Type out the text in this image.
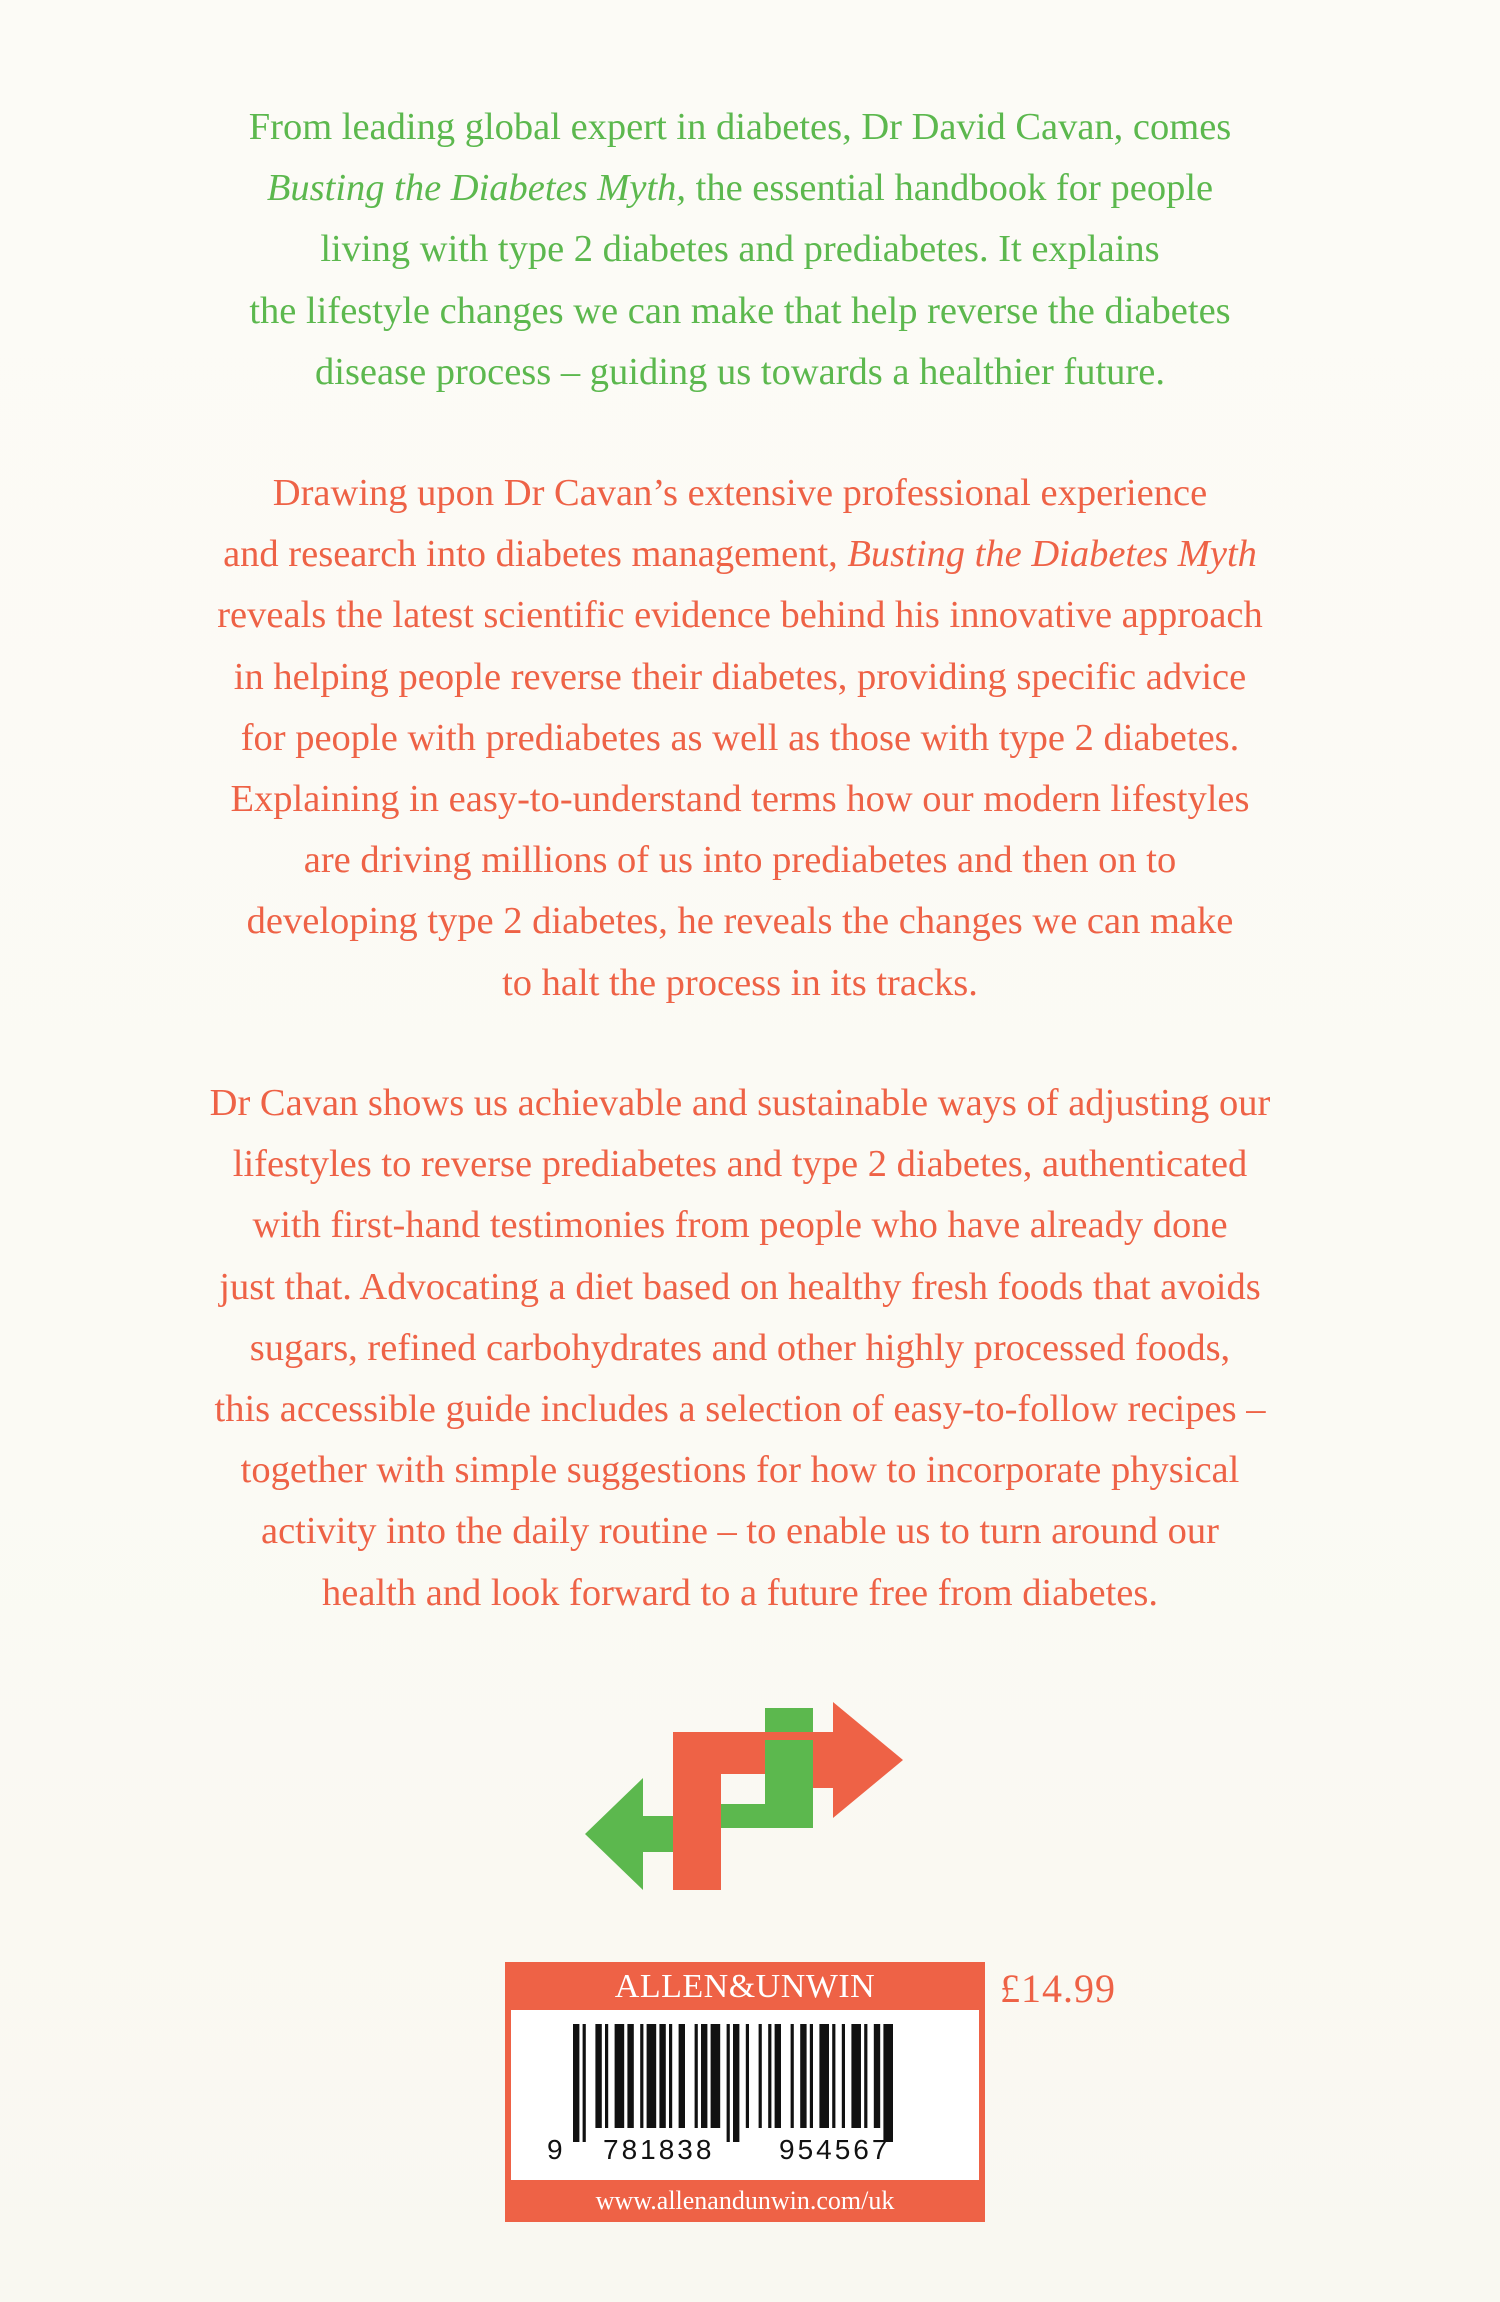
From leading global expert in diabetes, Dr David Cavan, comes

Busting the Diabetes Myth, the essential handbook for people

living with type 2 diabetes and prediabetes. It explains

the lifestyle changes we can make that help reverse the diabetes

disease process – guiding us towards a healthier future.

Drawing upon Dr Cavan’s extensive professional experience

and research into diabetes management, Busting the Diabetes Myth

reveals the latest scientific evidence behind his innovative approach

in helping people reverse their diabetes, providing specific advice

for people with prediabetes as well as those with type 2 diabetes.

Explaining in easy-to-understand terms how our modern lifestyles

are driving millions of us into prediabetes and then on to

developing type 2 diabetes, he reveals the changes we can make

to halt the process in its tracks.

Dr Cavan shows us achievable and sustainable ways of adjusting our

lifestyles to reverse prediabetes and type 2 diabetes, authenticated

with first-hand testimonies from people who have already done

just that. Advocating a diet based on healthy fresh foods that avoids

sugars, refined carbohydrates and other highly processed foods,

this accessible guide includes a selection of easy-to-follow recipes –

together with simple suggestions for how to incorporate physical

activity into the daily routine – to enable us to turn around our

health and look forward to a future free from diabetes.

ALLEN&UNWIN
9 781838 954567
www.allenandunwin.com/uk
£14.99
